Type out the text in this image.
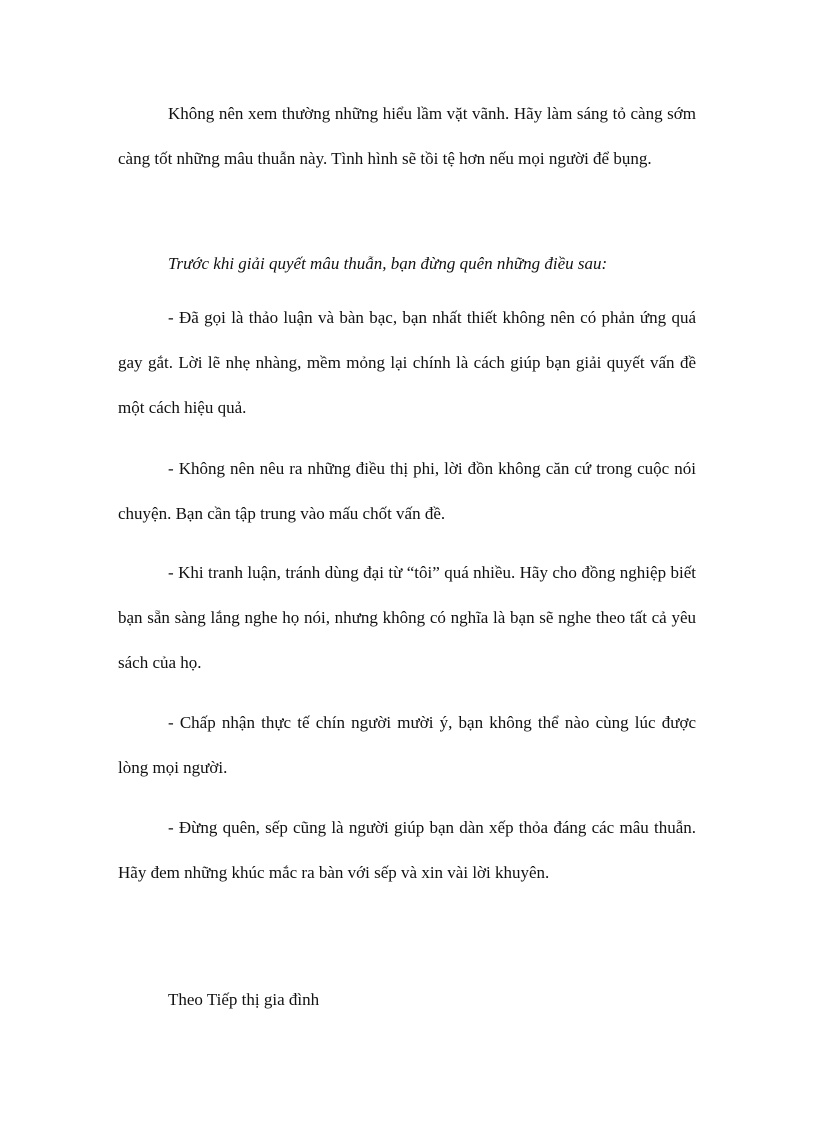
Không nên xem thường những hiểu lầm vặt vãnh. Hãy làm sáng tỏ càng sớm càng tốt những mâu thuẫn này. Tình hình sẽ tồi tệ hơn nếu mọi người để bụng.

Trước khi giải quyết mâu thuẫn, bạn đừng quên những điều sau:

- Đã gọi là thảo luận và bàn bạc, bạn nhất thiết không nên có phản ứng quá gay gắt. Lời lẽ nhẹ nhàng, mềm mỏng lại chính là cách giúp bạn giải quyết vấn đề một cách hiệu quả.

- Không nên nêu ra những điều thị phi, lời đồn không căn cứ trong cuộc nói chuyện. Bạn cần tập trung vào mấu chốt vấn đề.

- Khi tranh luận, tránh dùng đại từ “tôi” quá nhiều. Hãy cho đồng nghiệp biết bạn sẵn sàng lắng nghe họ nói, nhưng không có nghĩa là bạn sẽ nghe theo tất cả yêu sách của họ.

- Chấp nhận thực tế chín người mười ý, bạn không thể nào cùng lúc được lòng mọi người.

- Đừng quên, sếp cũng là người giúp bạn dàn xếp thỏa đáng các mâu thuẫn. Hãy đem những khúc mắc ra bàn với sếp và xin vài lời khuyên.

Theo Tiếp thị gia đình
